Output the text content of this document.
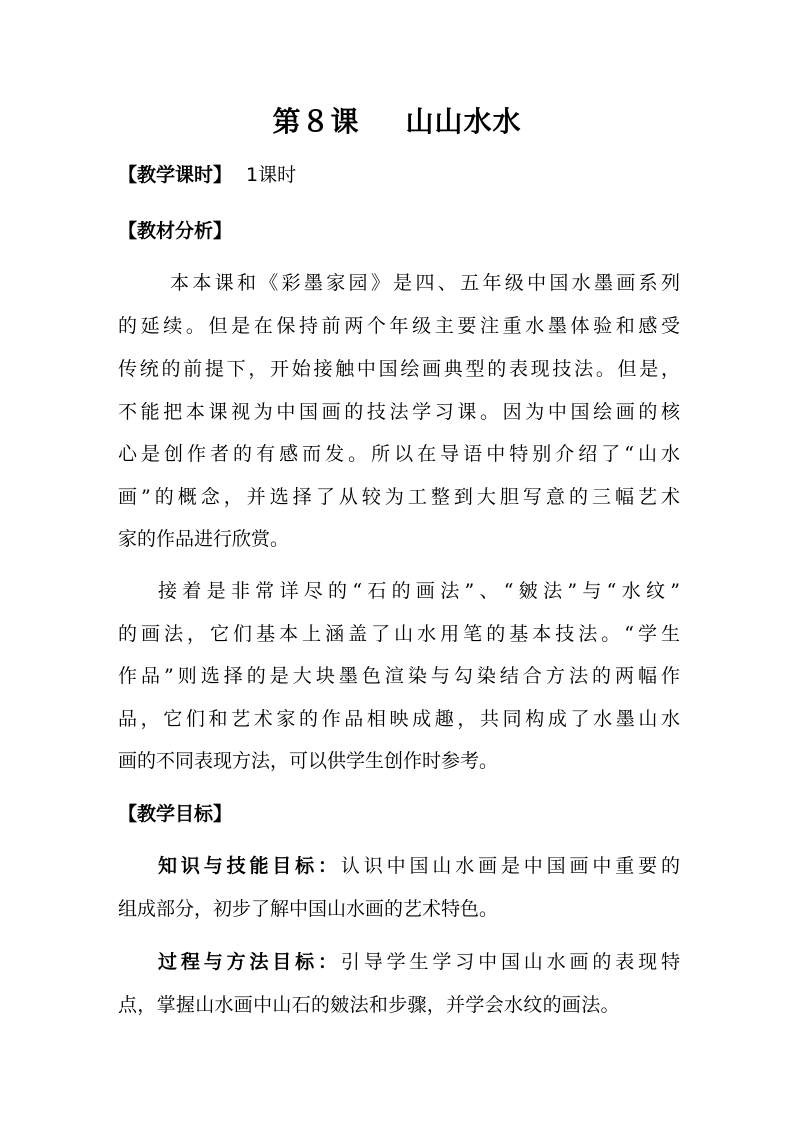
第８课 山山水水
【教学课时】 1课时
【教材分析】
本本课和《彩墨家园》是四、五年级中国水墨画系列
的延续。但是在保持前两个年级主要注重水墨体验和感受
传统的前提下，开始接触中国绘画典型的表现技法。但是，
不能把本课视为中国画的技法学习课。因为中国绘画的核
心是创作者的有感而发。所以在导语中特别介绍了“山水
画”的概念，并选择了从较为工整到大胆写意的三幅艺术
家的作品进行欣赏。
接着是非常详尽的“石的画法”、“皴法”与“水纹”
的画法，它们基本上涵盖了山水用笔的基本技法。“学生
作品”则选择的是大块墨色渲染与勾染结合方法的两幅作
品，它们和艺术家的作品相映成趣，共同构成了水墨山水
画的不同表现方法，可以供学生创作时参考。
【教学目标】
知识与技能目标：认识中国山水画是中国画中重要的
组成部分，初步了解中国山水画的艺术特色。
过程与方法目标：引导学生学习中国山水画的表现特
点，掌握山水画中山石的皴法和步骤，并学会水纹的画法。
